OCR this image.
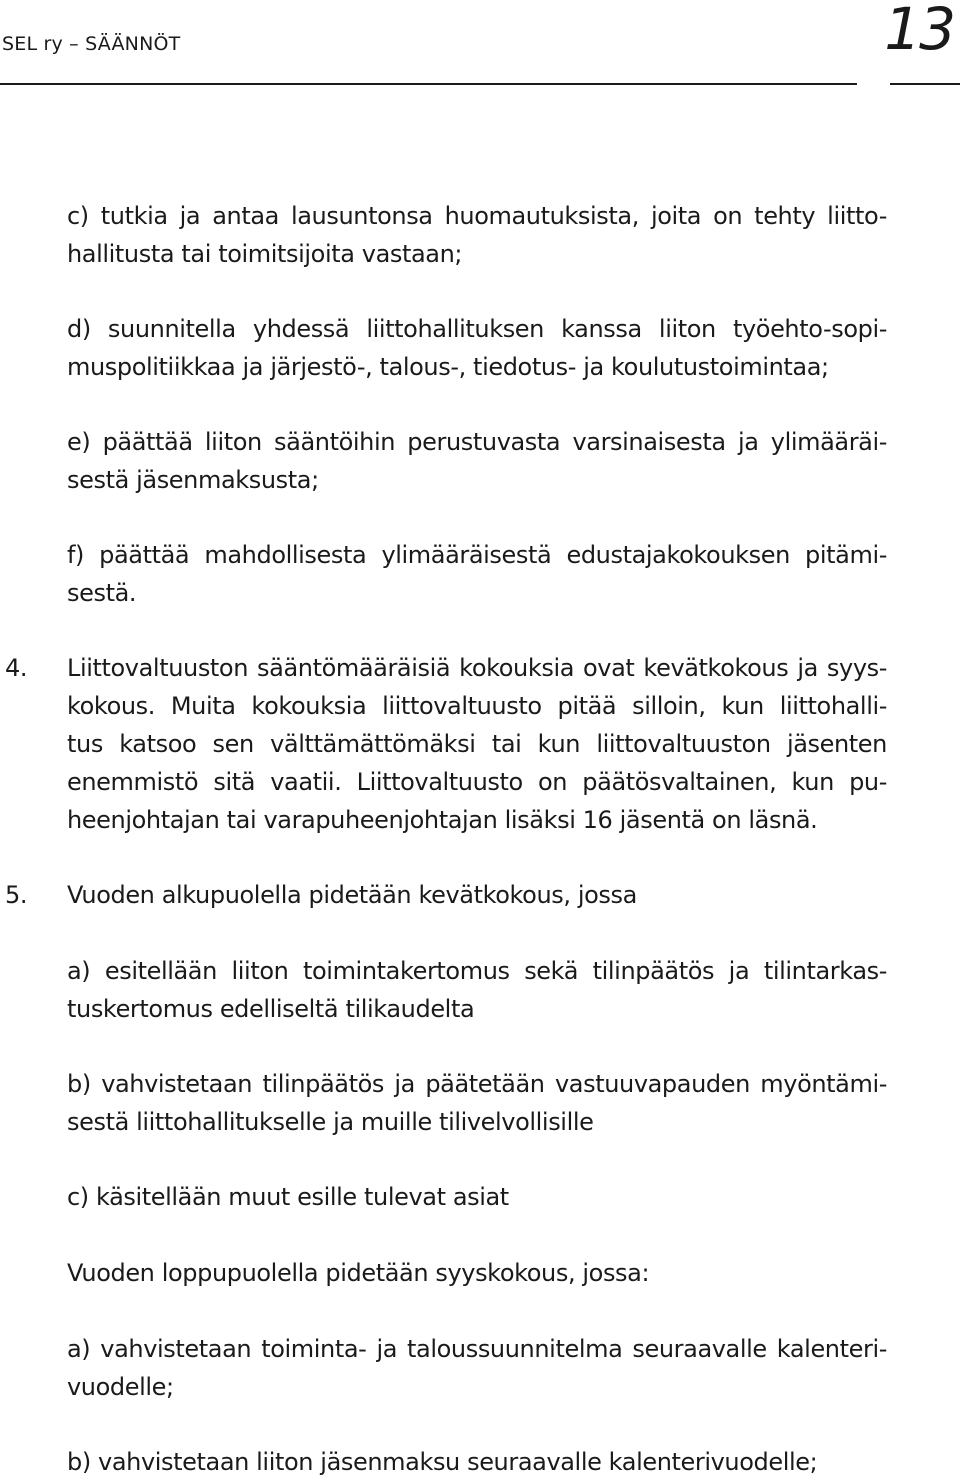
SEL ry – SÄÄNNÖT	13
c) tutkia ja antaa lausuntonsa huomautuksista, joita on tehty liitto-
hallitusta tai toimitsijoita vastaan;
d) suunnitella yhdessä liittohallituksen kanssa liiton työehto-sopi-
muspolitiikkaa ja järjestö-, talous-, tiedotus- ja koulutustoimintaa;
e) päättää liiton sääntöihin perustuvasta varsinaisesta ja ylimääräi-
sestä jäsenmaksusta;
f) päättää mahdollisesta ylimääräisestä edustajakokouksen pitämi-
sestä.
4.	Liittovaltuuston sääntömääräisiä kokouksia ovat kevätkokous ja syys-
kokous. Muita kokouksia liittovaltuusto pitää silloin, kun liittohalli-
tus katsoo sen välttämättömäksi tai kun liittovaltuuston jäsenten
enemmistö sitä vaatii. Liittovaltuusto on päätösvaltainen, kun pu-
heenjohtajan tai varapuheenjohtajan lisäksi 16 jäsentä on läsnä.
5.	Vuoden alkupuolella pidetään kevätkokous, jossa
a) esitellään liiton toimintakertomus sekä tilinpäätös ja tilintarkas-
tuskertomus edelliseltä tilikaudelta
b) vahvistetaan tilinpäätös ja päätetään vastuuvapauden myöntämi-
sestä liittohallitukselle ja muille tilivelvollisille
c) käsitellään muut esille tulevat asiat
Vuoden loppupuolella pidetään syyskokous, jossa:
a) vahvistetaan toiminta- ja taloussuunnitelma seuraavalle kalenteri-
vuodelle;
b) vahvistetaan liiton jäsenmaksu seuraavalle kalenterivuodelle;
